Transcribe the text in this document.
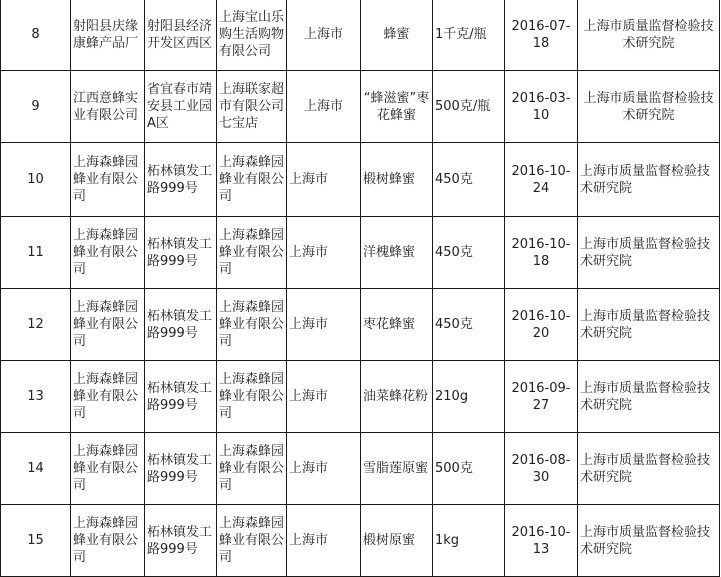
8	射阳县庆缘康蜂产品厂	射阳县经济开发区西区	上海宝山乐购生活购物有限公司	上海市	蜂蜜	1千克/瓶	2016-07-18	上海市质量监督检验技术研究院
9	江西意蜂实业有限公司	省宜春市靖安县工业园A区	上海联家超市有限公司七宝店	上海市	“蜂滋蜜”枣花蜂蜜	500克/瓶	2016-03-10	上海市质量监督检验技术研究院
10	上海森蜂园蜂业有限公司	柘林镇发工路999号	上海森蜂园蜂业有限公司	上海市	椴树蜂蜜	450克	2016-10-24	上海市质量监督检验技术研究院
11	上海森蜂园蜂业有限公司	柘林镇发工路999号	上海森蜂园蜂业有限公司	上海市	洋槐蜂蜜	450克	2016-10-18	上海市质量监督检验技术研究院
12	上海森蜂园蜂业有限公司	柘林镇发工路999号	上海森蜂园蜂业有限公司	上海市	枣花蜂蜜	450克	2016-10-20	上海市质量监督检验技术研究院
13	上海森蜂园蜂业有限公司	柘林镇发工路999号	上海森蜂园蜂业有限公司	上海市	油菜蜂花粉	210g	2016-09-27	上海市质量监督检验技术研究院
14	上海森蜂园蜂业有限公司	柘林镇发工路999号	上海森蜂园蜂业有限公司	上海市	雪脂莲原蜜	500克	2016-08-30	上海市质量监督检验技术研究院
15	上海森蜂园蜂业有限公司	柘林镇发工路999号	上海森蜂园蜂业有限公司	上海市	椴树原蜜	1kg	2016-10-13	上海市质量监督检验技术研究院
